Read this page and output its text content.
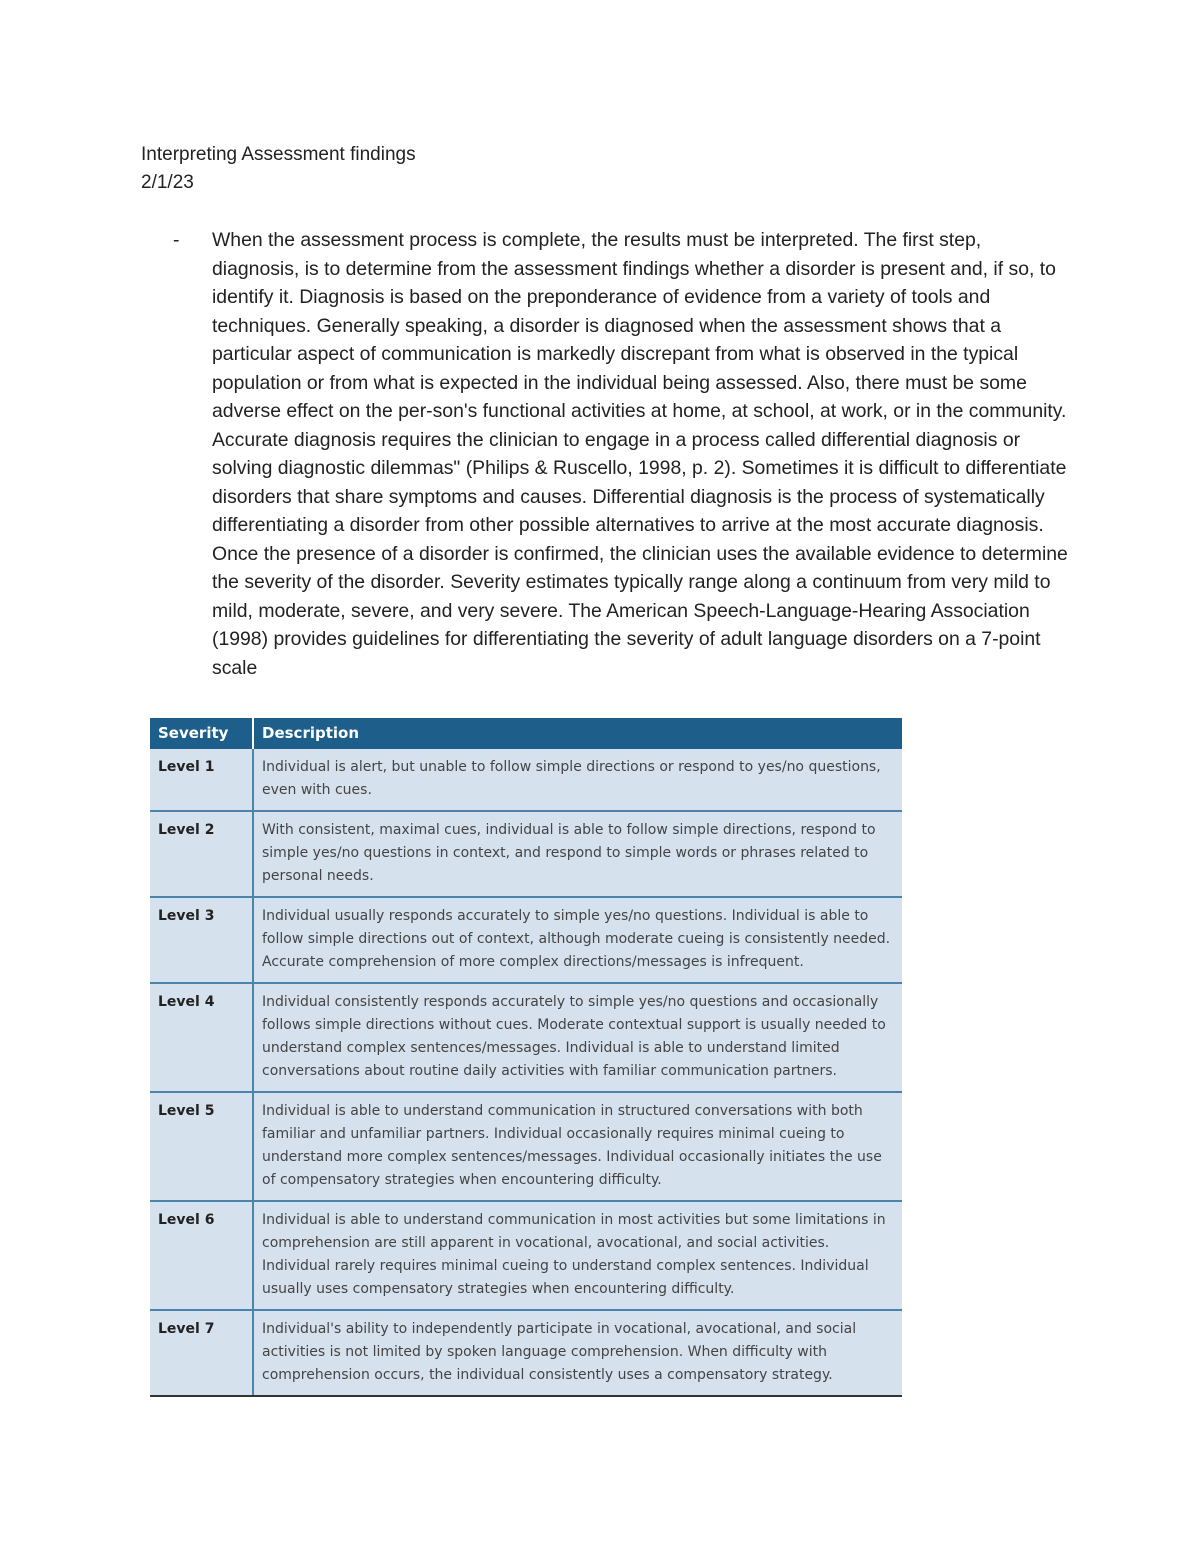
Interpreting Assessment findings

2/1/23

- When the assessment process is complete, the results must be interpreted. The first step, diagnosis, is to determine from the assessment findings whether a disorder is present and, if so, to identify it. Diagnosis is based on the preponderance of evidence from a variety of tools and techniques. Generally speaking, a disorder is diagnosed when the assessment shows that a particular aspect of communication is markedly discrepant from what is observed in the typical population or from what is expected in the individual being assessed. Also, there must be some adverse effect on the per-son's functional activities at home, at school, at work, or in the community. Accurate diagnosis requires the clinician to engage in a process called differential diagnosis or solving diagnostic dilemmas" (Philips & Ruscello, 1998, p. 2). Sometimes it is difficult to differentiate disorders that share symptoms and causes. Differential diagnosis is the process of systematically differentiating a disorder from other possible alternatives to arrive at the most accurate diagnosis. Once the presence of a disorder is confirmed, the clinician uses the available evidence to determine the severity of the disorder. Severity estimates typically range along a continuum from very mild to mild, moderate, severe, and very severe. The American Speech-Language-Hearing Association (1998) provides guidelines for differentiating the severity of adult language disorders on a 7-point scale
Severity	Description
Level 1	Individual is alert, but unable to follow simple directions or respond to yes/no questions, even with cues.
Level 2	With consistent, maximal cues, individual is able to follow simple directions, respond to simple yes/no questions in context, and respond to simple words or phrases related to personal needs.
Level 3	Individual usually responds accurately to simple yes/no questions. Individual is able to follow simple directions out of context, although moderate cueing is consistently needed. Accurate comprehension of more complex directions/messages is infrequent.
Level 4	Individual consistently responds accurately to simple yes/no questions and occasionally follows simple directions without cues. Moderate contextual support is usually needed to understand complex sentences/messages. Individual is able to understand limited conversations about routine daily activities with familiar communication partners.
Level 5	Individual is able to understand communication in structured conversations with both familiar and unfamiliar partners. Individual occasionally requires minimal cueing to understand more complex sentences/messages. Individual occasionally initiates the use of compensatory strategies when encountering difficulty.
Level 6	Individual is able to understand communication in most activities but some limitations in comprehension are still apparent in vocational, avocational, and social activities. Individual rarely requires minimal cueing to understand complex sentences. Individual usually uses compensatory strategies when encountering difficulty.
Level 7	Individual's ability to independently participate in vocational, avocational, and social activities is not limited by spoken language comprehension. When difficulty with comprehension occurs, the individual consistently uses a compensatory strategy.
